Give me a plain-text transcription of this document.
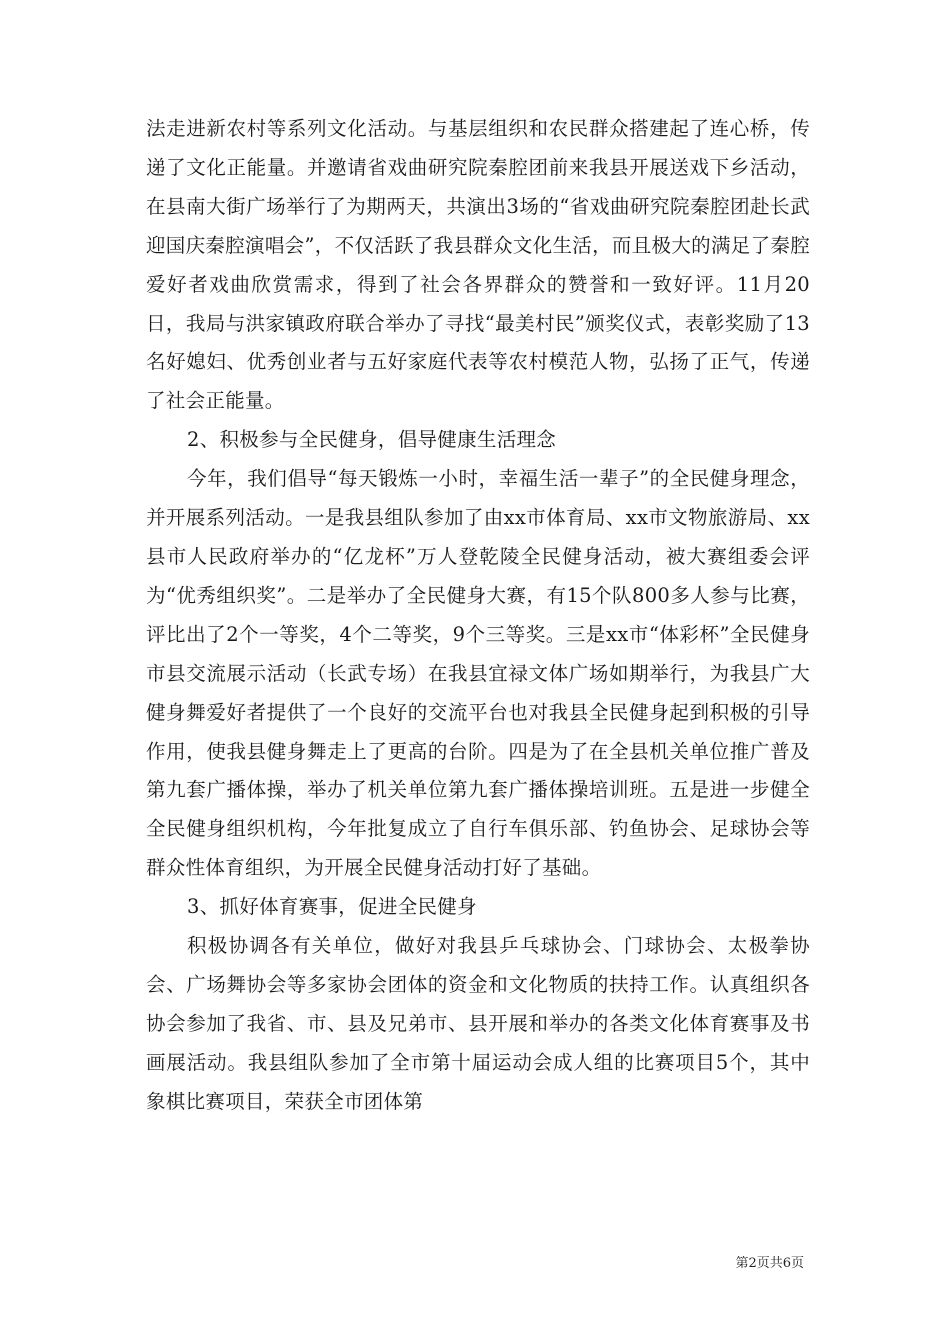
法走进新农村等系列文化活动。与基层组织和农民群众搭建起了连心桥，传递了文化正能量。并邀请省戏曲研究院秦腔团前来我县开展送戏下乡活动，在县南大街广场举行了为期两天，共演出3场的“省戏曲研究院秦腔团赴长武迎国庆秦腔演唱会”，不仅活跃了我县群众文化生活，而且极大的满足了秦腔爱好者戏曲欣赏需求，得到了社会各界群众的赞誉和一致好评。11月20日，我局与洪家镇政府联合举办了寻找“最美村民”颁奖仪式，表彰奖励了13名好媳妇、优秀创业者与五好家庭代表等农村模范人物，弘扬了正气，传递了社会正能量。

2、积极参与全民健身，倡导健康生活理念

今年，我们倡导“每天锻炼一小时，幸福生活一辈子”的全民健身理念，并开展系列活动。一是我县组队参加了由xx市体育局、xx市文物旅游局、xx县市人民政府举办的“亿龙杯”万人登乾陵全民健身活动，被大赛组委会评为“优秀组织奖”。二是举办了全民健身大赛，有15个队800多人参与比赛，评比出了2个一等奖，4个二等奖，9个三等奖。三是xx市“体彩杯”全民健身市县交流展示活动（长武专场）在我县宜禄文体广场如期举行，为我县广大健身舞爱好者提供了一个良好的交流平台也对我县全民健身起到积极的引导作用，使我县健身舞走上了更高的台阶。四是为了在全县机关单位推广普及第九套广播体操，举办了机关单位第九套广播体操培训班。五是进一步健全全民健身组织机构，今年批复成立了自行车俱乐部、钓鱼协会、足球协会等群众性体育组织，为开展全民健身活动打好了基础。

3、抓好体育赛事，促进全民健身

积极协调各有关单位，做好对我县乒乓球协会、门球协会、太极拳协会、广场舞协会等多家协会团体的资金和文化物质的扶持工作。认真组织各协会参加了我省、市、县及兄弟市、县开展和举办的各类文化体育赛事及书画展活动。我县组队参加了全市第十届运动会成人组的比赛项目5个，其中象棋比赛项目，荣获全市团体第

第2页共6页
